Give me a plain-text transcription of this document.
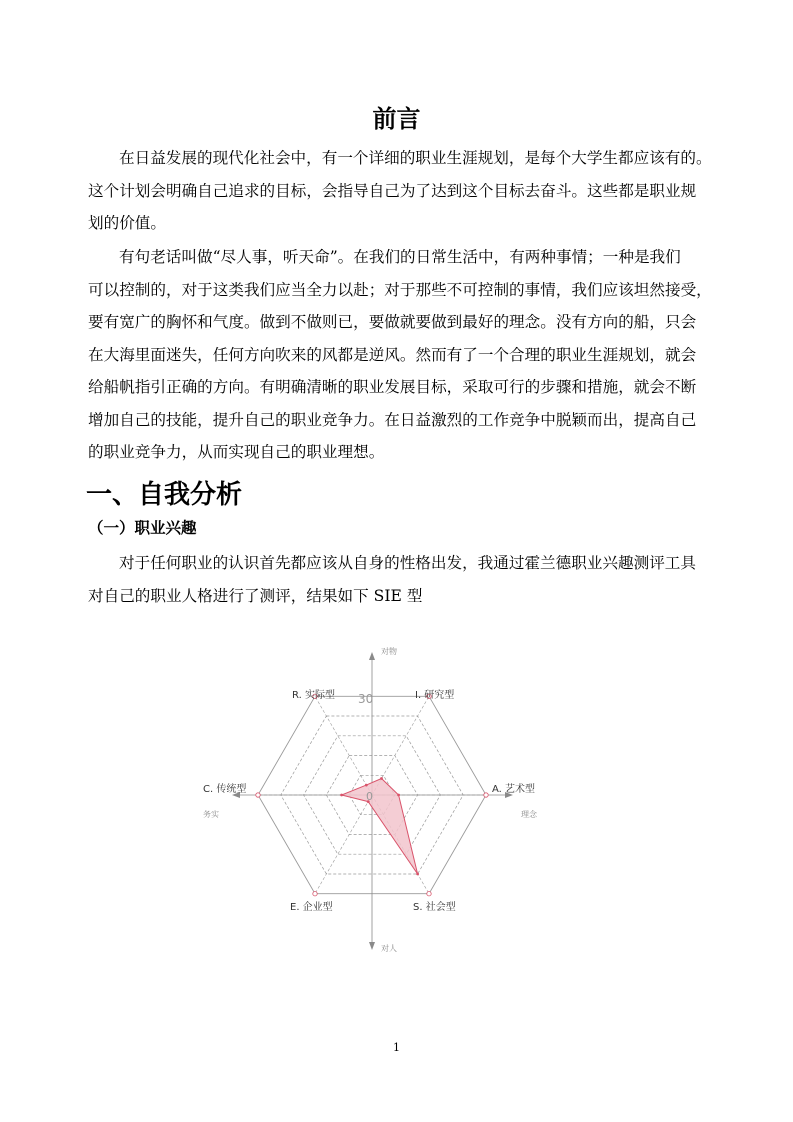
前言
在日益发展的现代化社会中，有一个详细的职业生涯规划，是每个大学生都应该有的。
这个计划会明确自己追求的目标，会指导自己为了达到这个目标去奋斗。这些都是职业规
划的价值。
有句老话叫做“尽人事，听天命”。在我们的日常生活中，有两种事情；一种是我们
可以控制的，对于这类我们应当全力以赴；对于那些不可控制的事情，我们应该坦然接受，
要有宽广的胸怀和气度。做到不做则已，要做就要做到最好的理念。没有方向的船，只会
在大海里面迷失，任何方向吹来的风都是逆风。然而有了一个合理的职业生涯规划，就会
给船帆指引正确的方向。有明确清晰的职业发展目标，采取可行的步骤和措施，就会不断
增加自己的技能，提升自己的职业竞争力。在日益激烈的工作竞争中脱颖而出，提高自己
的职业竞争力，从而实现自己的职业理想。
一、自我分析
（一）职业兴趣
对于任何职业的认识首先都应该从自身的性格出发，我通过霍兰德职业兴趣测评工具
对自己的职业人格进行了测评，结果如下 SIE 型
R. 实际型	I. 研究型
A. 艺术型
S. 社会型
E. 企业型
C. 传统型
30
0
对物
对人
务实	理念
1
